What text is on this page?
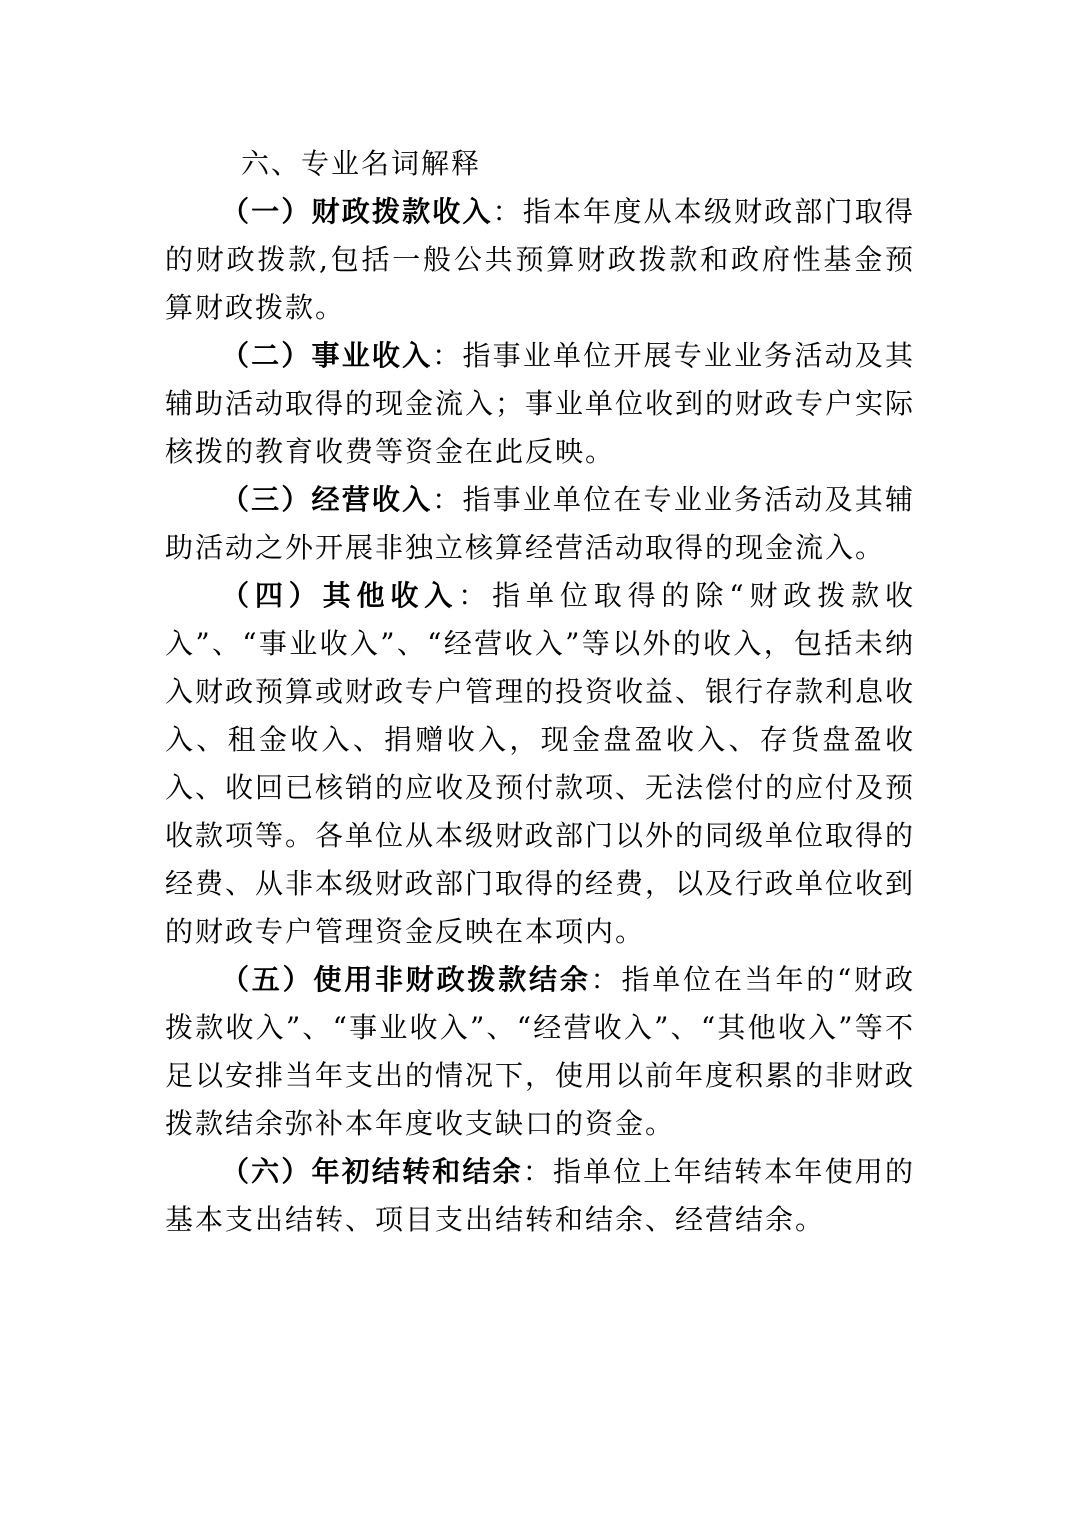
六、专业名词解释

（一）财政拨款收入：指本年度从本级财政部门取得的财政拨款,包括一般公共预算财政拨款和政府性基金预算财政拨款。

（二）事业收入：指事业单位开展专业业务活动及其辅助活动取得的现金流入；事业单位收到的财政专户实际核拨的教育收费等资金在此反映。

（三）经营收入：指事业单位在专业业务活动及其辅助活动之外开展非独立核算经营活动取得的现金流入。

（四）其他收入：指单位取得的除“财政拨款收入”、“事业收入”、“经营收入”等以外的收入，包括未纳入财政预算或财政专户管理的投资收益、银行存款利息收入、租金收入、捐赠收入，现金盘盈收入、存货盘盈收入、收回已核销的应收及预付款项、无法偿付的应付及预收款项等。各单位从本级财政部门以外的同级单位取得的经费、从非本级财政部门取得的经费，以及行政单位收到的财政专户管理资金反映在本项内。

（五）使用非财政拨款结余：指单位在当年的“财政拨款收入”、“事业收入”、“经营收入”、“其他收入”等不足以安排当年支出的情况下，使用以前年度积累的非财政拨款结余弥补本年度收支缺口的资金。

（六）年初结转和结余：指单位上年结转本年使用的基本支出结转、项目支出结转和结余、经营结余。
